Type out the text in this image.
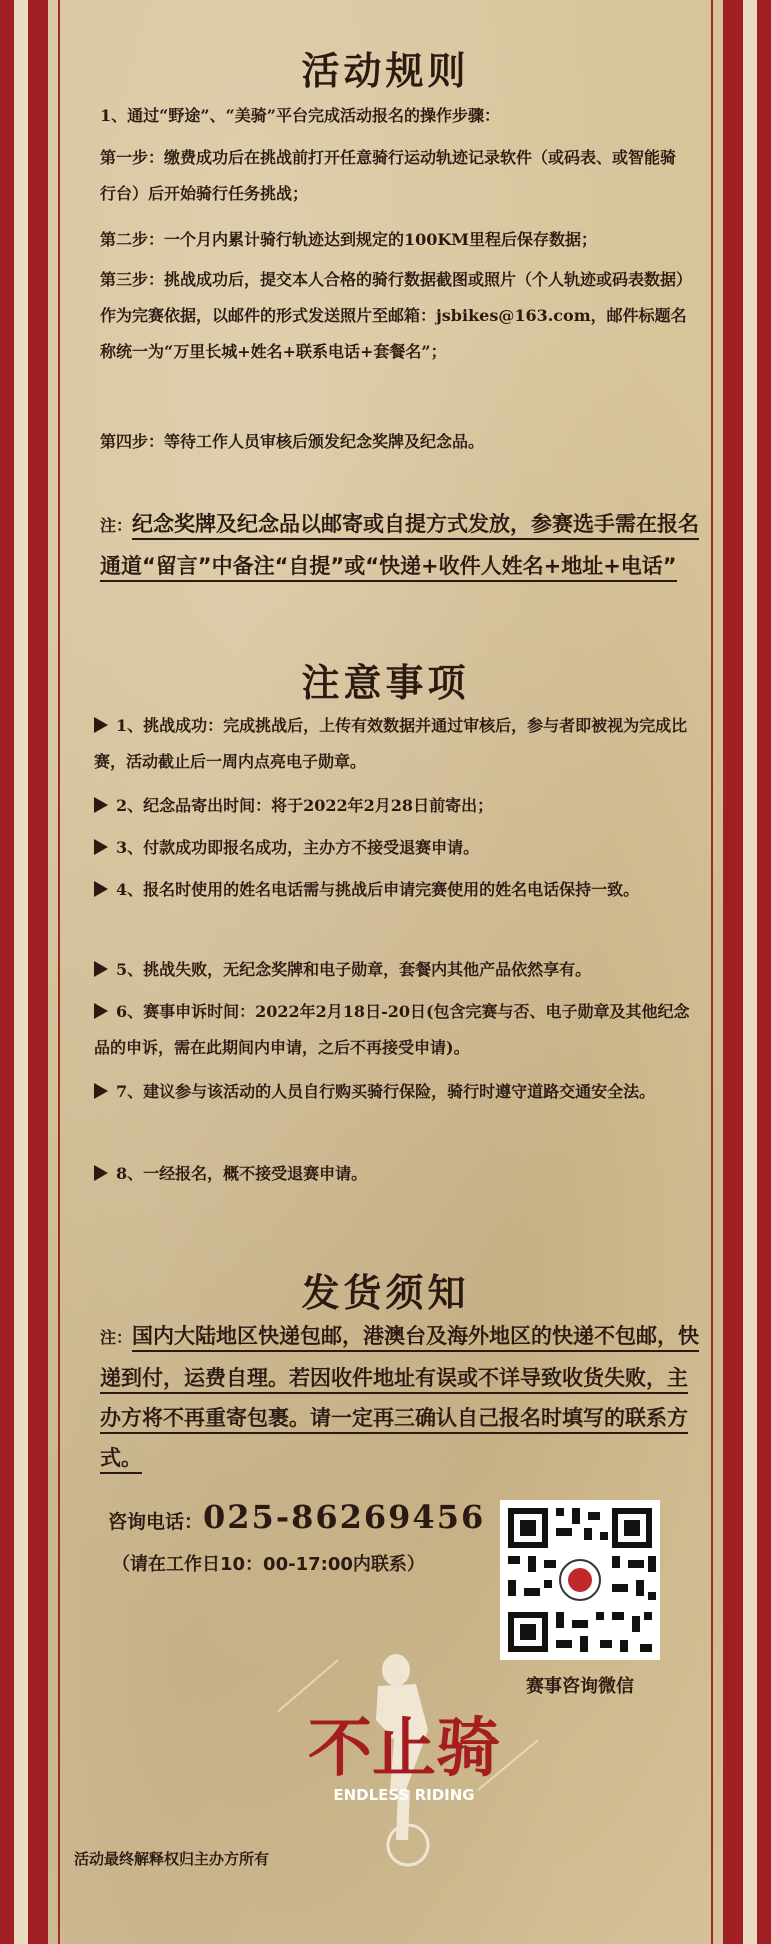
活动规则
1、通过“野途”、“美骑”平台完成活动报名的操作步骤：
第一步：缴费成功后在挑战前打开任意骑行运动轨迹记录软件（或码表、或智能骑行台）后开始骑行任务挑战；
第二步：一个月内累计骑行轨迹达到规定的100KM里程后保存数据；
第三步：挑战成功后，提交本人合格的骑行数据截图或照片（个人轨迹或码表数据）作为完赛依据，以邮件的形式发送照片至邮箱：jsbikes@163.com，邮件标题名称统一为“万里长城+姓名+联系电话+套餐名”；
第四步：等待工作人员审核后颁发纪念奖牌及纪念品。
注：纪念奖牌及纪念品以邮寄或自提方式发放，参赛选手需在报名通道“留言”中备注“自提”或“快递+收件人姓名+地址+电话”
注意事项
1、挑战成功：完成挑战后，上传有效数据并通过审核后，参与者即被视为完成比赛，活动截止后一周内点亮电子勋章。
2、纪念品寄出时间：将于2022年2月28日前寄出；
3、付款成功即报名成功，主办方不接受退赛申请。
4、报名时使用的姓名电话需与挑战后申请完赛使用的姓名电话保持一致。
5、挑战失败，无纪念奖牌和电子勋章，套餐内其他产品依然享有。
6、赛事申诉时间：2022年2月18日-20日(包含完赛与否、电子勋章及其他纪念品的申诉，需在此期间内申请，之后不再接受申请)。
7、建议参与该活动的人员自行购买骑行保险，骑行时遵守道路交通安全法。
8、一经报名，概不接受退赛申请。
发货须知
注：国内大陆地区快递包邮，港澳台及海外地区的快递不包邮，快递到付，运费自理。若因收件地址有误或不详导致收货失败，主办方将不再重寄包裹。请一定再三确认自己报名时填写的联系方式。
咨询电话：025-86269456
（请在工作日10：00-17:00内联系）
赛事咨询微信
不止骑
ENDLESS RIDING
活动最终解释权归主办方所有
